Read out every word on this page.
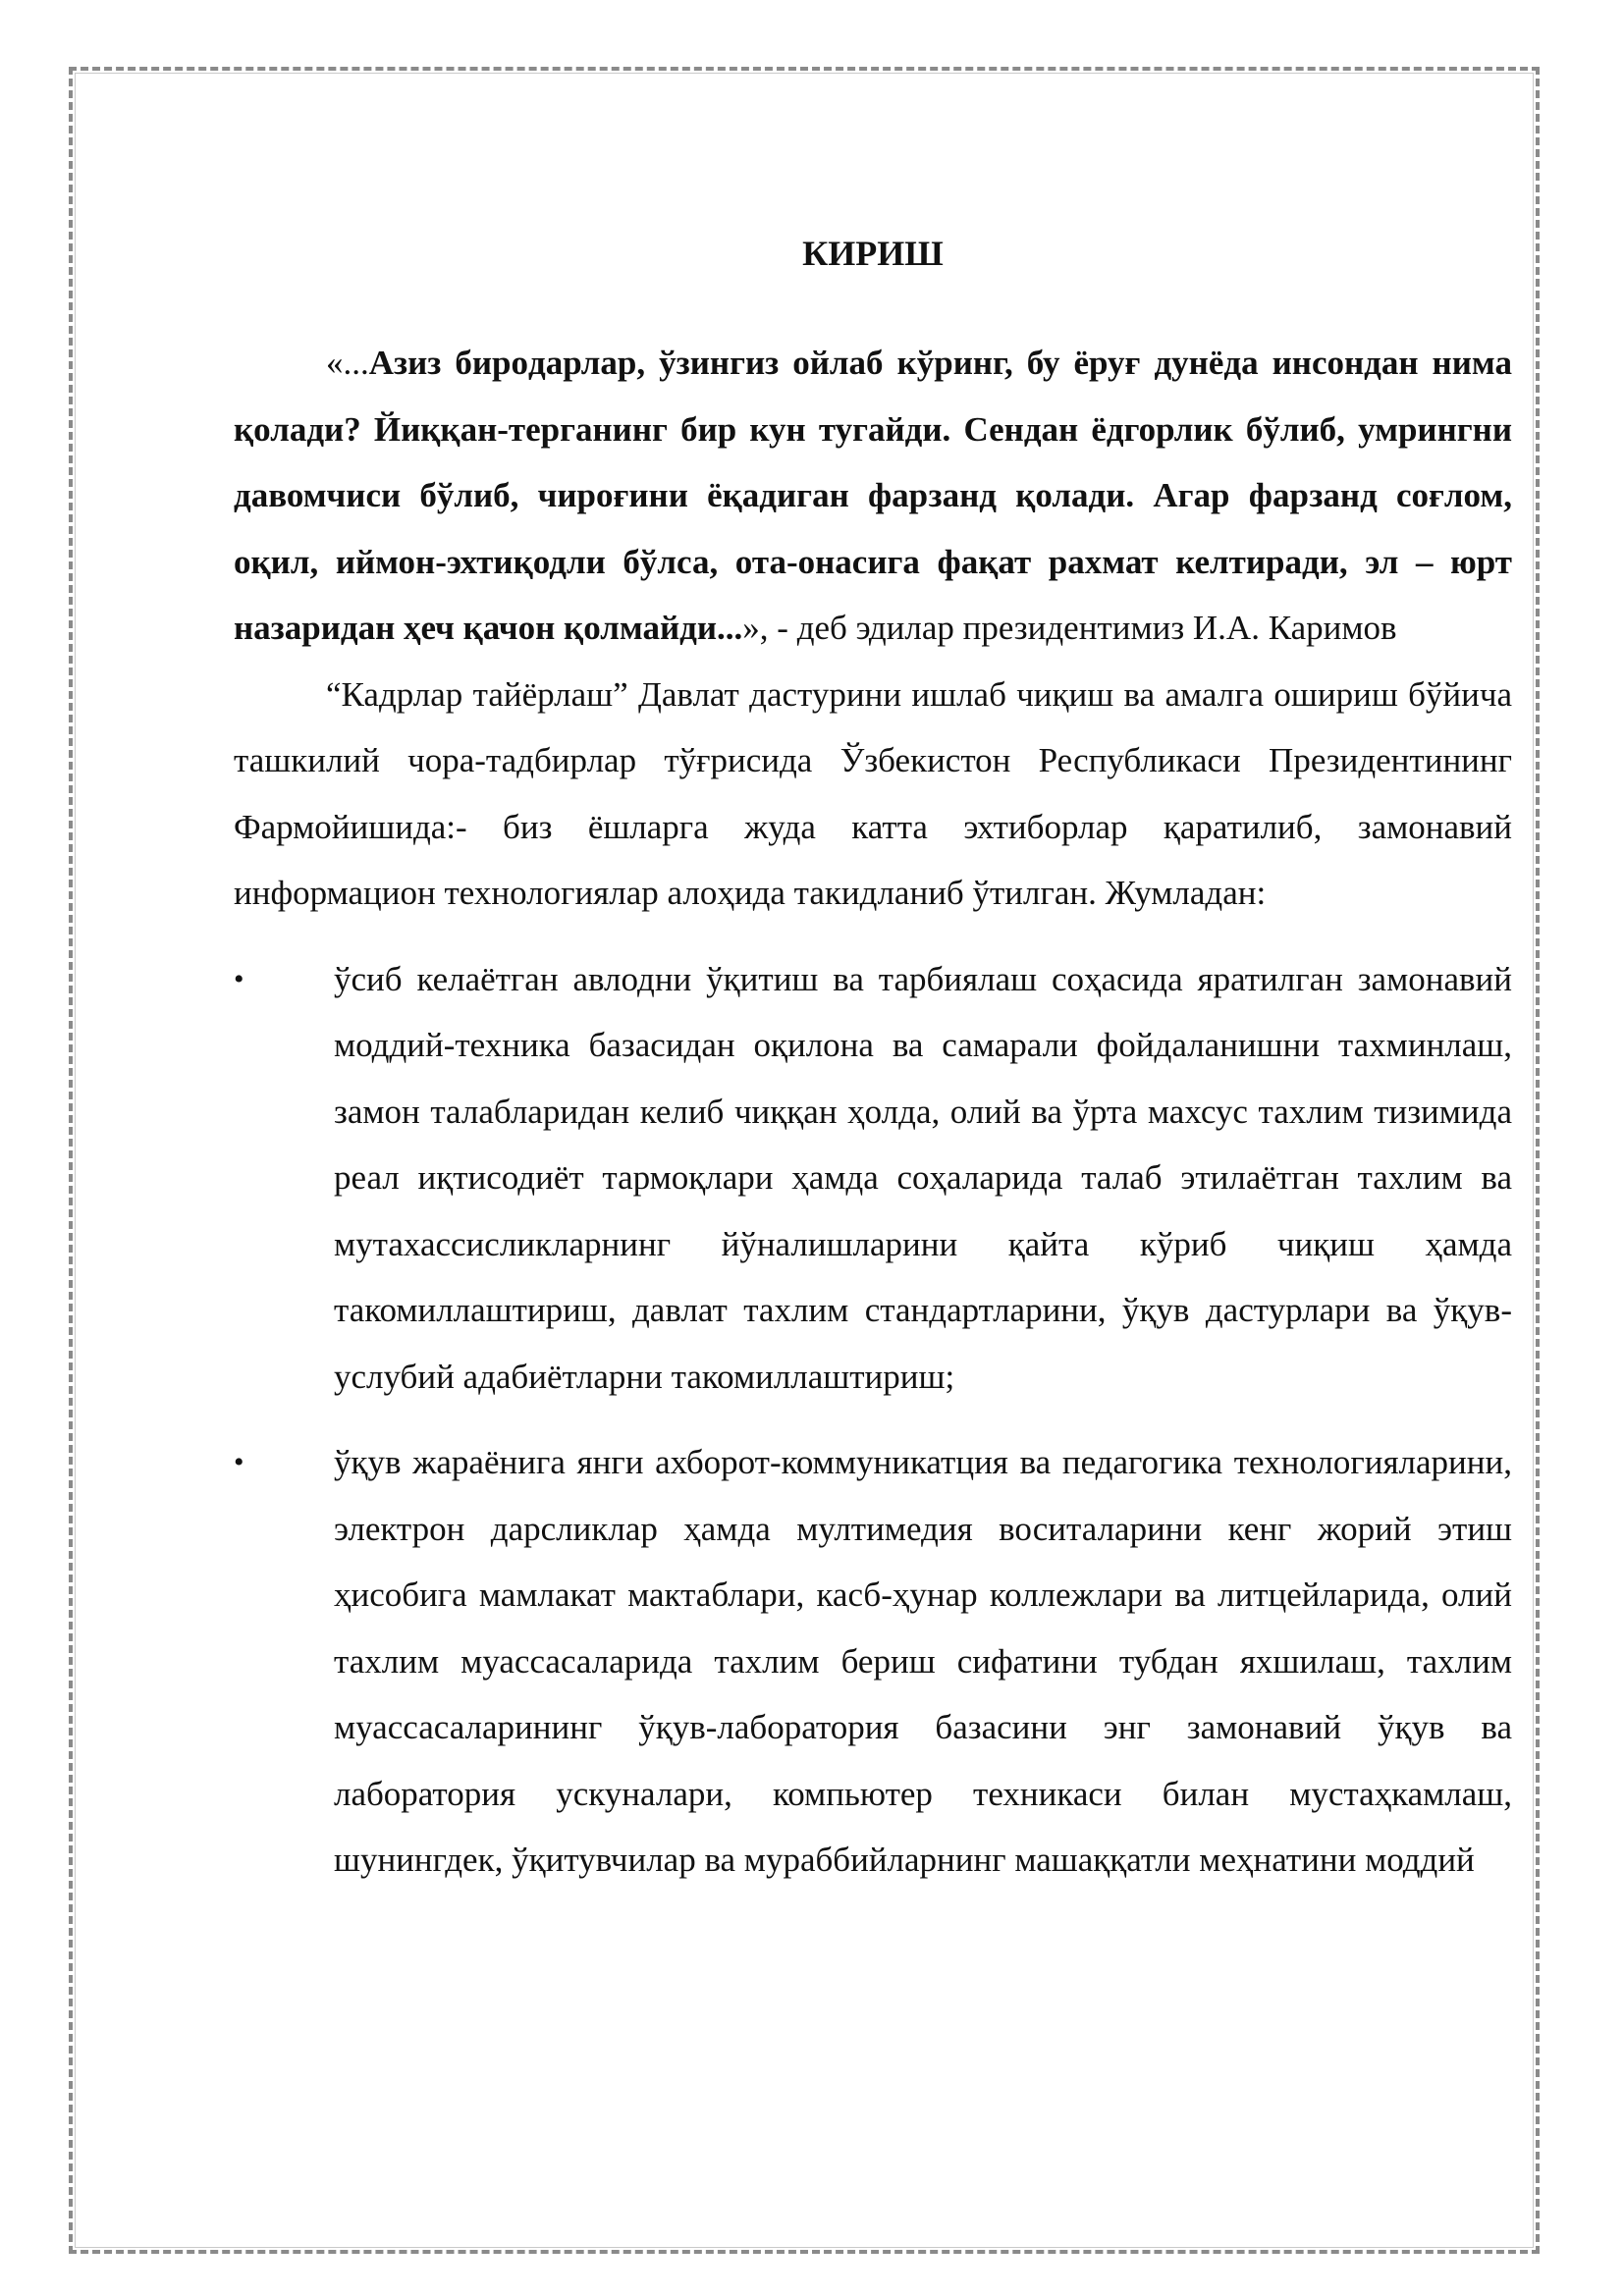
КИРИШ

«...Азиз бирoдарлар, ўзингиз ойлаб кўринг, бу ёруғ дунёда инсондан нима қолади? Йиққан-терганинг бир кун тугайди. Сендан ёдгорлик бўлиб, умрингни давомчиси бўлиб, чироғини ёқадиган фарзанд қолади. Агар фарзанд соғлом, оқил, иймон-эхтиқодли бўлса, ота-онасига фақат рахмат келтиради, эл – юрт назаридан ҳеч қачон қолмайди...», - деб эдилар президентимиз И.А. Каримов

“Кадрлар тайёрлаш” Давлат дастурини ишлаб чиқиш ва амалга ошириш бўйича ташкилий чора-тадбирлар тўғрисида Ўзбекистон Республикаси Президентининг Фармойишида:- биз ёшларга жуда катта эхтиборлар қаратилиб, замонавий информацион технологиялар алоҳида такидланиб ўтилган. Жумладан:

•	ўсиб келаётган авлодни ўқитиш ва тарбиялаш соҳасида яратилган замонавий моддий-техника базасидан оқилона ва самарали фойдаланишни тахминлаш, замон талабларидан келиб чиққан ҳолда, олий ва ўрта махсус тахлим тизимида реал иқтисодиёт тармоқлари ҳамда соҳаларида талаб этилаётган тахлим ва мутахассисликларнинг йўналишларини қайта кўриб чиқиш ҳамда такомиллаштириш, давлат тахлим стандартларини, ўқув дастурлари ва ўқув-услубий адабиётларни такомиллаштириш;
•	ўқув жараёнига янги ахборот-коммуникатция ва педагогика технологияларини, электрон дарсликлар ҳамда мултимедия воситаларини кенг жорий этиш ҳисобига мамлакат мактаблари, касб-ҳунар коллежлари ва литцейларида, олий тахлим муассасаларида тахлим бериш сифатини тубдан яхшилаш, тахлим муассасаларининг ўқув-лаборатория базасини энг замонавий ўқув ва лаборатория ускуналари, компьютер техникаси билан мустаҳкамлаш, шунингдек, ўқитувчилар ва мураббийларнинг машаққатли меҳнатини моддий
